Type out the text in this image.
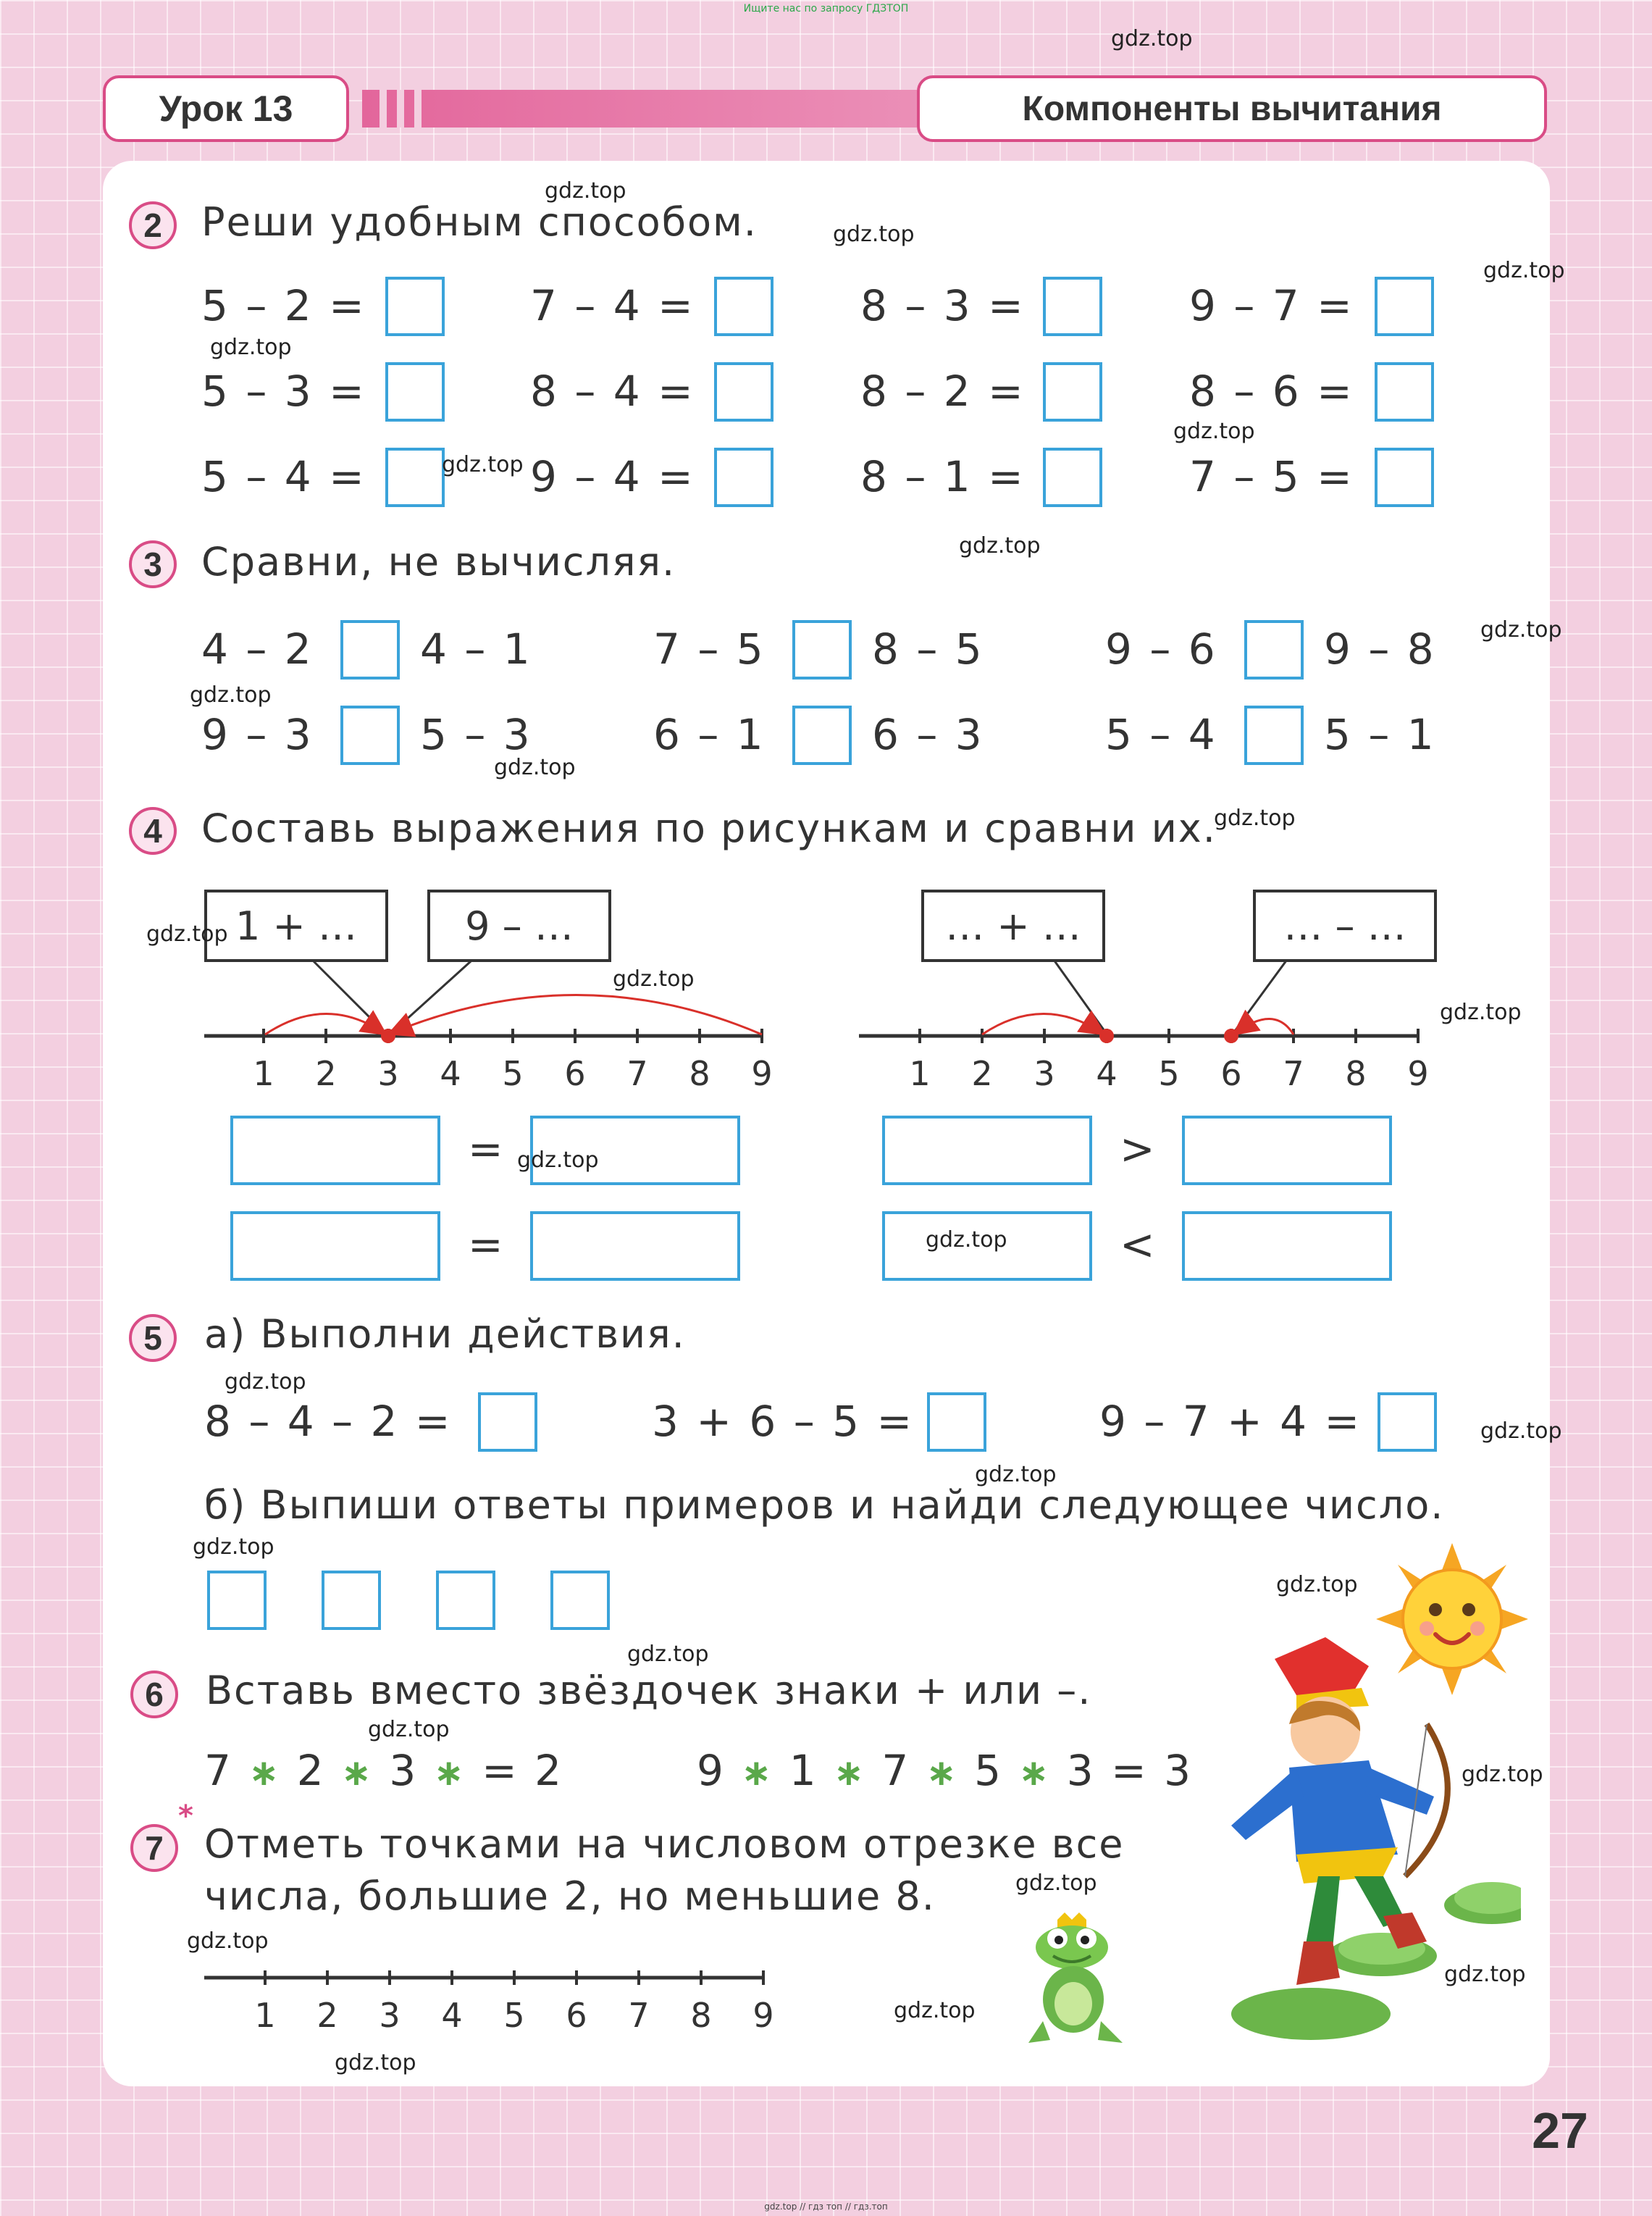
Ищите нас по запросу ГДЗТОП
Урок 13	Компоненты вычитания
2	Реши удобным способом.
5 – 2 =	7 – 4 =	8 – 3 =	9 – 7 =
5 – 3 =	8 – 4 =	8 – 2 =	8 – 6 =
5 – 4 =	9 – 4 =	8 – 1 =	7 – 5 =
3	Сравни, не вычисляя.
4 – 2	4 – 1	7 – 5	8 – 5	9 – 6	9 – 8
9 – 3	5 – 3	6 – 1	6 – 3	5 – 4	5 – 1
4	Составь выражения по рисункам и сравни их.
1 2 3 4 5 6 7 8 9	1 2 3 4 5 6 7 8 9
1 + …	9 – …	… + …	… – …
=
=
>
<
5	а) Выполни действия.
8 – 4 – 2 =	3 + 6 – 5 =	9 – 7 + 4 =
б) Выпиши ответы примеров и найди следующее число.
6	Вставь вместо звёздочек знаки + или –.
7 ∗ 2 ∗ 3 ∗ = 2	9 ∗ 1 ∗ 7 ∗ 5 ∗ 3 = 3
7
*
Отметь точками на числовом отрезке все
числа, большие 2, но меньшие 8.
1 2 3 4 5 6 7 8 9
gdz.top
gdz.top
gdz.top
gdz.top
gdz.top
gdz.top
gdz.top
gdz.top
gdz.top
gdz.top
gdz.top
gdz.top
gdz.top
gdz.top
gdz.top
gdz.top
gdz.top
gdz.top
gdz.top
gdz.top
gdz.top
gdz.top
gdz.top
gdz.top
gdz.top
gdz.top
gdz.top
gdz.top
gdz.top
gdz.top
27
gdz.top // гдз топ // гдз.топ
